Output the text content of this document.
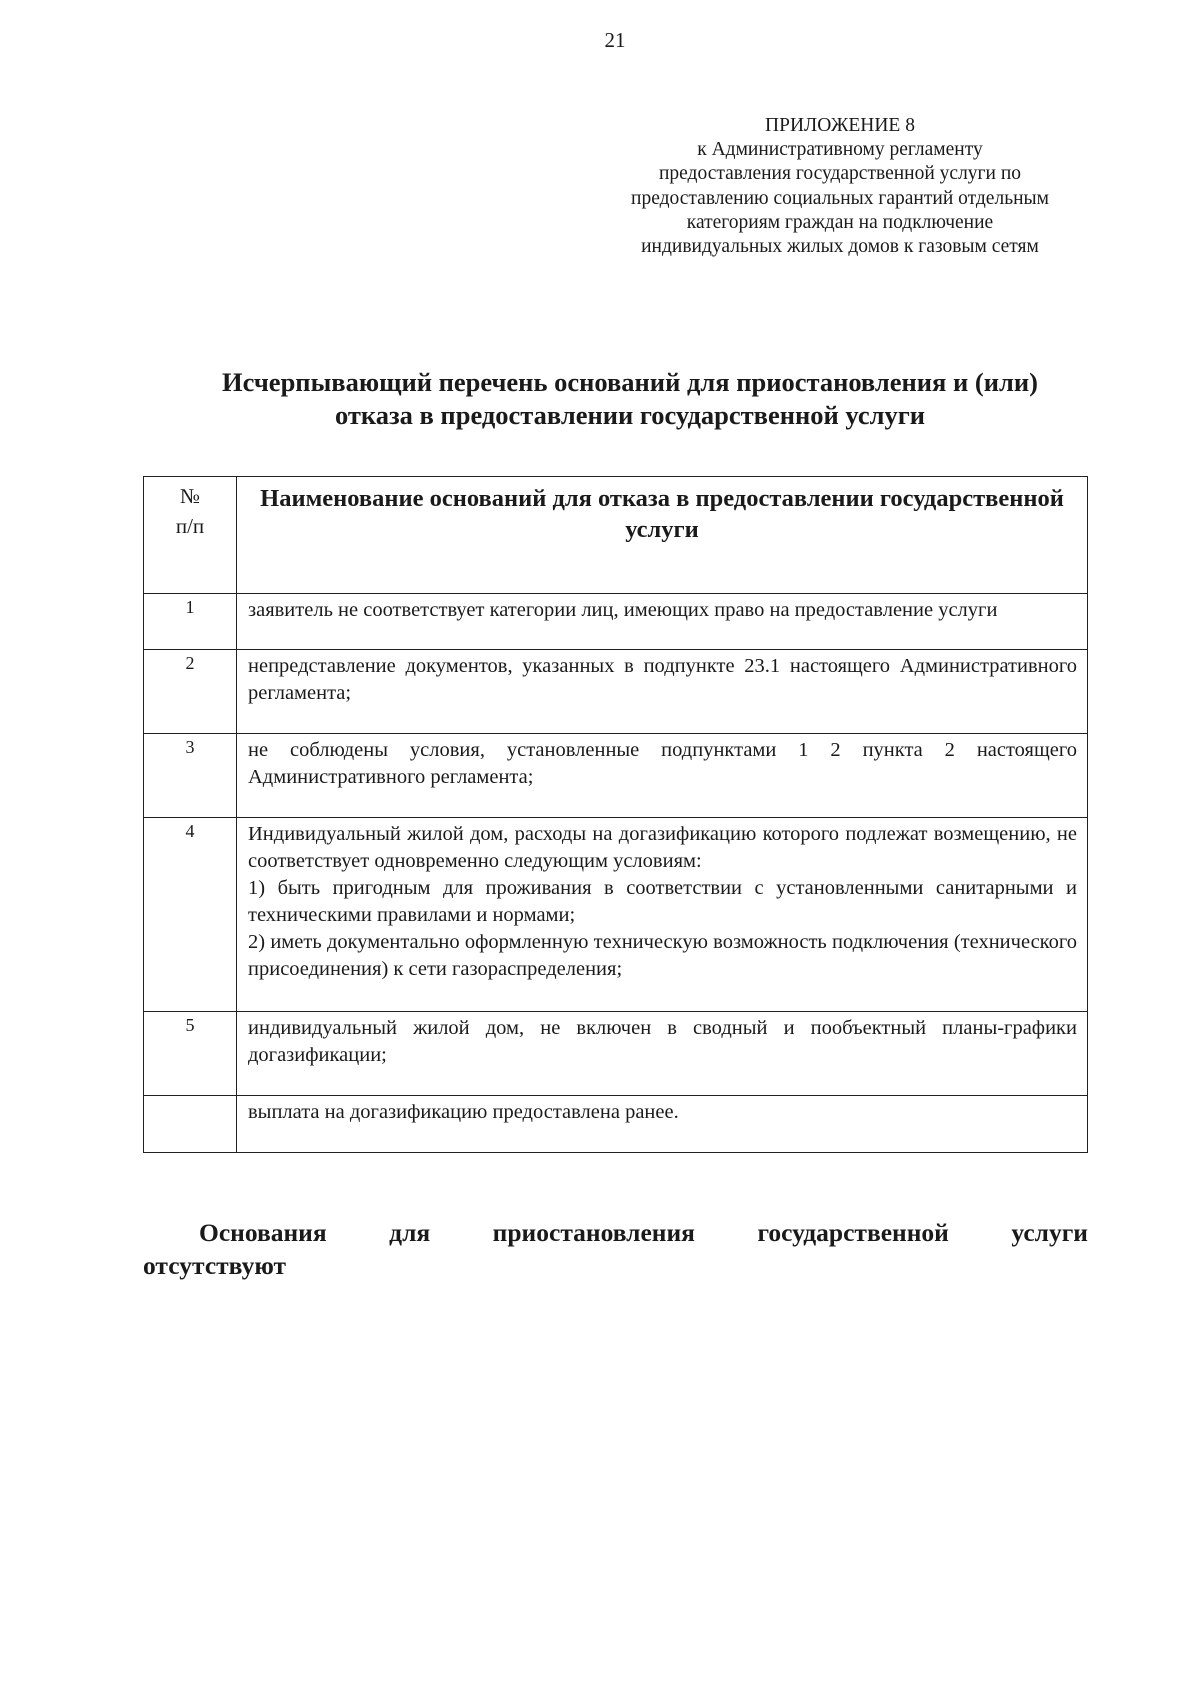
21
ПРИЛОЖЕНИЕ 8
к Административному регламенту
предоставления государственной услуги по
предоставлению социальных гарантий отдельным
категориям граждан на подключение
индивидуальных жилых домов к газовым сетям
Исчерпывающий перечень оснований для приостановления и (или)
отказа в предоставлении государственной услуги
№
п/п	Наименование оснований для отказа в предоставлении государственной услуги
1	заявитель не соответствует категории лиц, имеющих право на предоставление услуги

2	непредставление документов, указанных в подпункте 23.1 настоящего Административного регламента;

3	не соблюдены условия, установленные подпунктами 1 2 пункта 2 настоящего Административного регламента;

4	Индивидуальный жилой дом, расходы на догазификацию которого подлежат возмещению, не соответствует одновременно следующим условиям:
1) быть пригодным для проживания в соответствии с установленными санитарными и техническими правилами и нормами;
2) иметь документально оформленную техническую возможность подключения (технического присоединения) к сети газораспределения;

5	индивидуальный жилой дом, не включен в сводный и пообъектный планы-графики догазификации;

	выплата на догазификацию предоставлена ранее.
Основания для приостановления государственной услуги отсутствуют
